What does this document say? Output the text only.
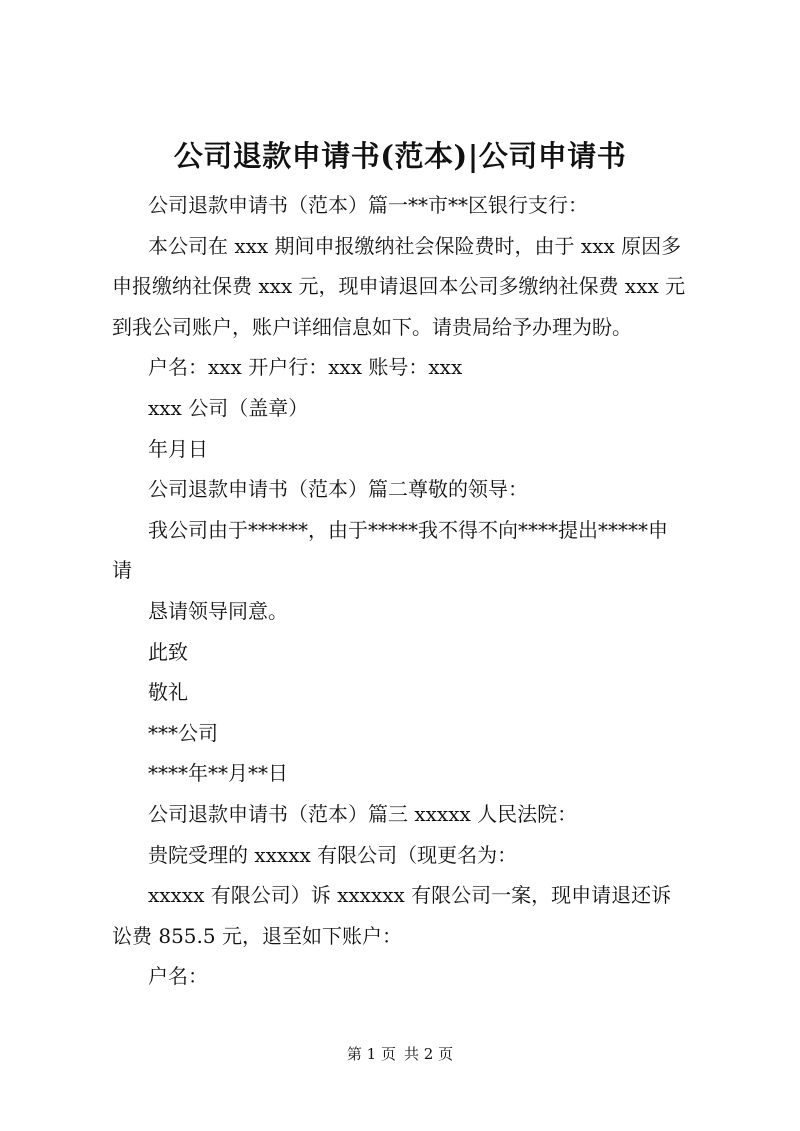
公司退款申请书(范本)|公司申请书

公司退款申请书（范本）篇一**市**区银行支行：

本公司在 xxx 期间申报缴纳社会保险费时，由于 xxx 原因多

申报缴纳社保费 xxx 元，现申请退回本公司多缴纳社保费 xxx 元

到我公司账户，账户详细信息如下。请贵局给予办理为盼。

户名：xxx 开户行：xxx 账号：xxx

xxx 公司（盖章）

年月日

公司退款申请书（范本）篇二尊敬的领导：

我公司由于******，由于*****我不得不向****提出*****申

请

恳请领导同意。

此致

敬礼

***公司

****年**月**日

公司退款申请书（范本）篇三 xxxxx 人民法院：

贵院受理的 xxxxx 有限公司（现更名为：

xxxxx 有限公司）诉 xxxxxx 有限公司一案，现申请退还诉

讼费 855.5 元，退至如下账户：

户名：

第 1 页 共 2 页
